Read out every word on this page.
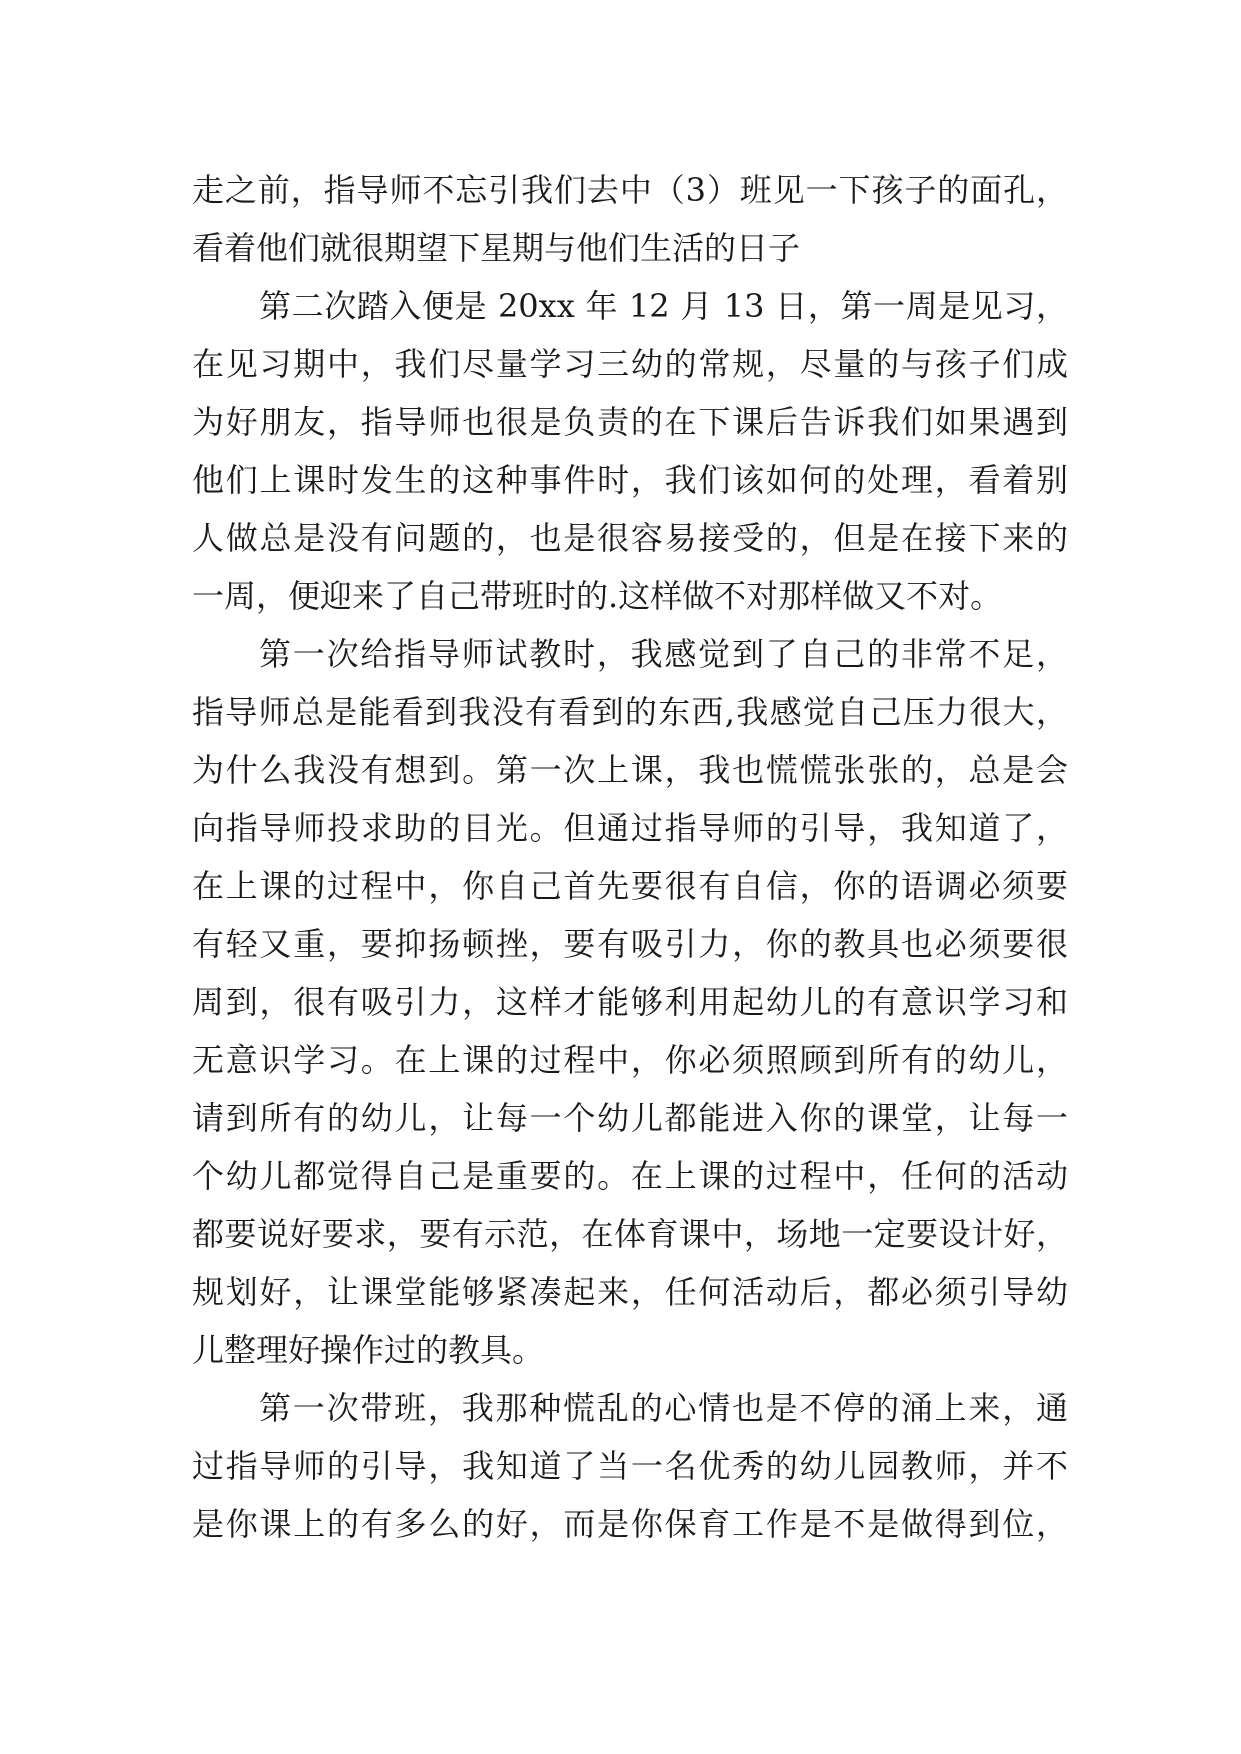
走之前，指导师不忘引我们去中（3）班见一下孩子的面孔，
看着他们就很期望下星期与他们生活的日子
第二次踏入便是 20xx 年 12 月 13 日，第一周是见习，
在见习期中，我们尽量学习三幼的常规，尽量的与孩子们成
为好朋友，指导师也很是负责的在下课后告诉我们如果遇到
他们上课时发生的这种事件时，我们该如何的处理，看着别
人做总是没有问题的，也是很容易接受的，但是在接下来的
一周，便迎来了自己带班时的.这样做不对那样做又不对。
第一次给指导师试教时，我感觉到了自己的非常不足，
指导师总是能看到我没有看到的东西,我感觉自己压力很大，
为什么我没有想到。第一次上课，我也慌慌张张的，总是会
向指导师投求助的目光。但通过指导师的引导，我知道了，
在上课的过程中，你自己首先要很有自信，你的语调必须要
有轻又重，要抑扬顿挫，要有吸引力，你的教具也必须要很
周到，很有吸引力，这样才能够利用起幼儿的有意识学习和
无意识学习。在上课的过程中，你必须照顾到所有的幼儿，
请到所有的幼儿，让每一个幼儿都能进入你的课堂，让每一
个幼儿都觉得自己是重要的。在上课的过程中，任何的活动
都要说好要求，要有示范，在体育课中，场地一定要设计好，
规划好，让课堂能够紧凑起来，任何活动后，都必须引导幼
儿整理好操作过的教具。
第一次带班，我那种慌乱的心情也是不停的涌上来，通
过指导师的引导，我知道了当一名优秀的幼儿园教师，并不
是你课上的有多么的好，而是你保育工作是不是做得到位，
